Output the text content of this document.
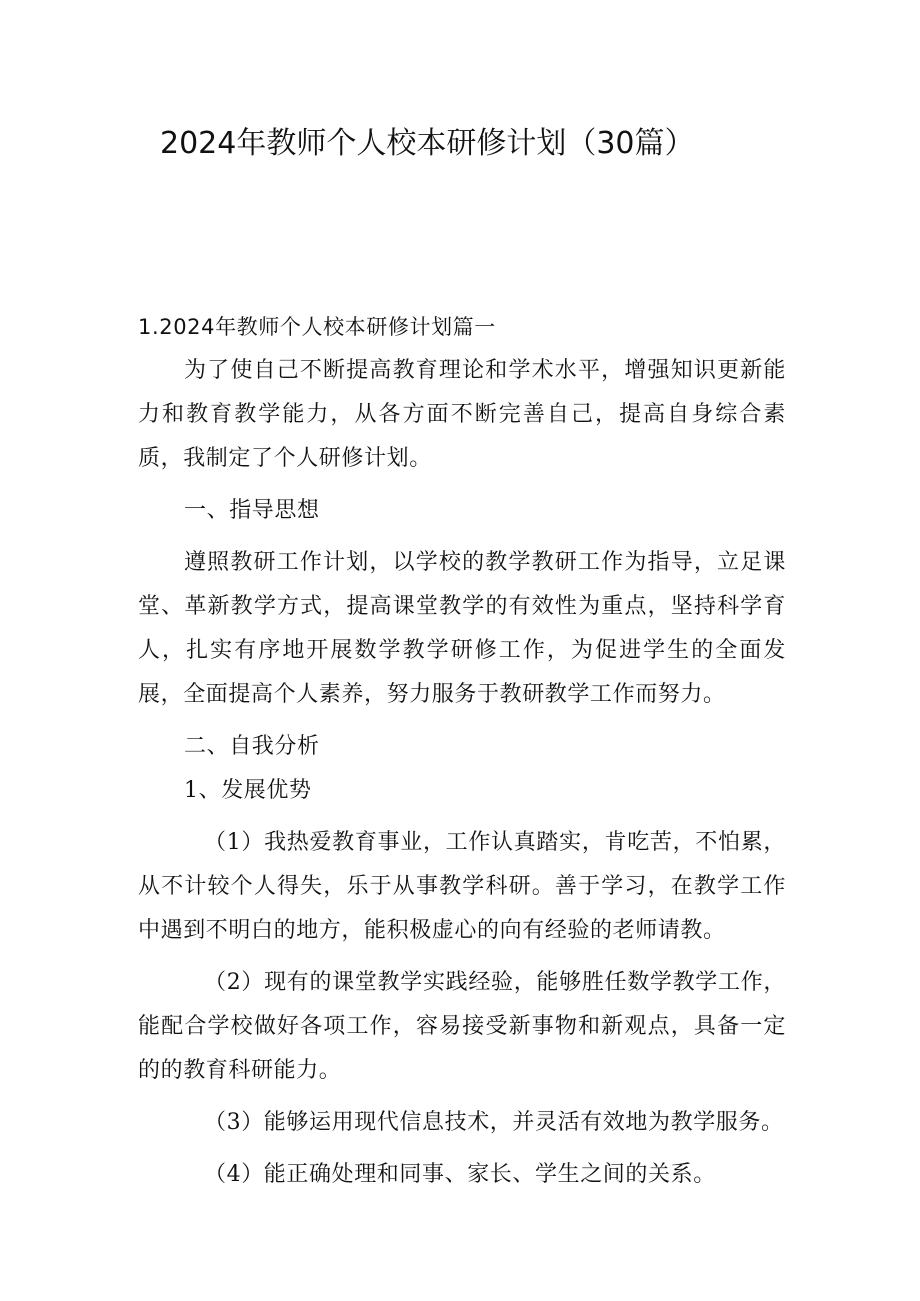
2024年教师个人校本研修计划（30篇）

1.2024年教师个人校本研修计划篇一

为了使自己不断提高教育理论和学术水平，增强知识更新能力和教育教学能力，从各方面不断完善自己，提高自身综合素质，我制定了个人研修计划。

一、指导思想

遵照教研工作计划，以学校的教学教研工作为指导，立足课堂、革新教学方式，提高课堂教学的有效性为重点，坚持科学育人，扎实有序地开展数学教学研修工作，为促进学生的全面发展，全面提高个人素养，努力服务于教研教学工作而努力。

二、自我分析

1、发展优势

（1）我热爱教育事业，工作认真踏实，肯吃苦，不怕累，从不计较个人得失，乐于从事教学科研。善于学习，在教学工作中遇到不明白的地方，能积极虚心的向有经验的老师请教。

（2）现有的课堂教学实践经验，能够胜任数学教学工作，能配合学校做好各项工作，容易接受新事物和新观点，具备一定的的教育科研能力。

（3）能够运用现代信息技术，并灵活有效地为教学服务。

（4）能正确处理和同事、家长、学生之间的关系。
